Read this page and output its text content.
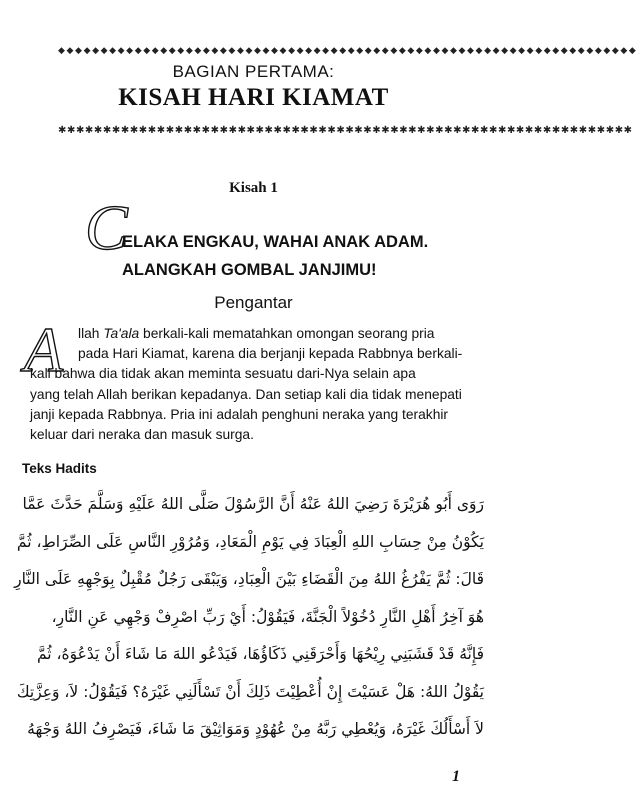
◆◆◆◆◆◆◆◆◆◆◆◆◆◆◆◆◆◆◆◆◆◆◆◆◆◆◆◆◆◆◆◆◆◆◆◆◆◆◆◆◆◆◆◆◆◆◆◆◆◆◆◆◆◆◆◆◆◆◆◆◆◆◆◆◆◆◆◆
BAGIAN PERTAMA:
KISAH HARI KIAMAT
✱✱✱✱✱✱✱✱✱✱✱✱✱✱✱✱✱✱✱✱✱✱✱✱✱✱✱✱✱✱✱✱✱✱✱✱✱✱✱✱✱✱✱✱✱✱✱✱✱✱✱✱✱✱✱✱✱✱✱✱✱✱✱✱
Kisah 1
C
ELAKA ENGKAU, WAHAI ANAK ADAM.
ALANGKAH GOMBAL JANJIMU!
Pengantar
A	llah Ta'ala berkali-kali mematahkan omongan seorang pria
pada Hari Kiamat, karena dia berjanji kepada Rabbnya berkali-
kali bahwa dia tidak akan meminta sesuatu dari-Nya selain apa
yang telah Allah berikan kepadanya. Dan setiap kali dia tidak menepati
janji kepada Rabbnya. Pria ini adalah penghuni neraka yang terakhir
keluar dari neraka dan masuk surga.
Teks Hadits
رَوَى أَبُو هُرَيْرَةَ رَضِيَ اللهُ عَنْهُ أَنَّ الرَّسُوْلَ صَلَّى اللهُ عَلَيْهِ وَسَلَّمَ حَدَّثَ عَمَّا
يَكُوْنُ مِنْ حِسَابِ اللهِ الْعِبَادَ فِي يَوْمِ الْمَعَادِ، وَمُرُوْرِ النَّاسِ عَلَى الصِّرَاطِ، ثُمَّ
قَالَ: ثُمَّ يَفْرُغُ اللهُ مِنَ الْقَضَاءِ بَيْنَ الْعِبَادِ، وَيَبْقَى رَجُلٌ مُقْبِلٌ بِوَجْهِهِ عَلَى النَّارِ
هُوَ آخِرُ أَهْلِ النَّارِ دُخُوْلاً الْجَنَّةَ، فَيَقُوْلُ: أَيْ رَبِّ اصْرِفْ وَجْهِي عَنِ النَّارِ،
فَإِنَّهُ قَدْ قَشَبَنِي رِيْحُهَا وَأَحْرَقَنِي ذَكَاؤُهَا، فَيَدْعُو اللهَ مَا شَاءَ أَنْ يَدْعُوَهُ، ثُمَّ
يَقُوْلُ اللهُ: هَلْ عَسَيْتَ إِنْ أُعْطِيْتَ ذَلِكَ أَنْ تَسْأَلَنِي غَيْرَهُ؟ فَيَقُوْلُ: لاَ، وَعِزَّتِكَ
لاَ أَسْأَلُكَ غَيْرَهُ، وَيُعْطِي رَبَّهُ مِنْ عُهُوْدٍ وَمَوَاثِيْقَ مَا شَاءَ، فَيَصْرِفُ اللهُ وَجْهَهُ
1
